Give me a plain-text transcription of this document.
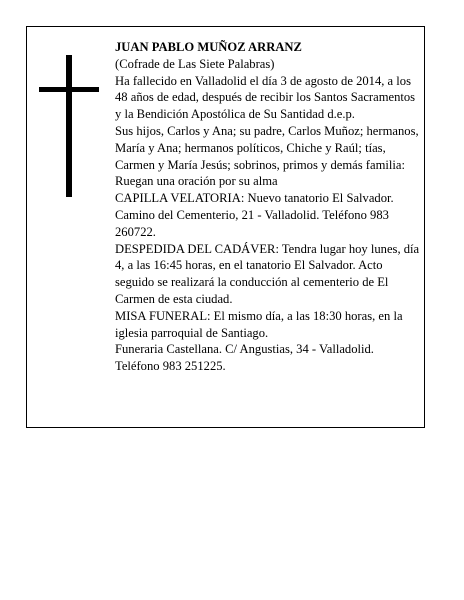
JUAN PABLO MUÑOZ ARRANZ

(Cofrade de Las Siete Palabras)

Ha fallecido en Valladolid el día 3 de agosto de 2014, a los 48 años de edad, después de recibir los Santos Sacramentos y la Bendición Apostólica de Su Santidad d.e.p.

Sus hijos, Carlos y Ana; su padre, Carlos Muñoz; hermanos, María y Ana; hermanos políticos, Chiche y Raúl; tías, Carmen y María Jesús; sobrinos, primos y demás familia:

Ruegan una oración por su alma

CAPILLA VELATORIA: Nuevo tanatorio El Salvador. Camino del Cementerio, 21 - Valladolid. Teléfono 983 260722.

DESPEDIDA DEL CADÁVER: Tendra lugar hoy lunes, día 4, a las 16:45 horas, en el tanatorio El Salvador. Acto seguido se realizará la conducción al cementerio de El Carmen de esta ciudad.

MISA FUNERAL: El mismo día, a las 18:30 horas, en la iglesia parroquial de Santiago.

Funeraria Castellana. C/ Angustias, 34 - Valladolid. Teléfono 983 251225.
